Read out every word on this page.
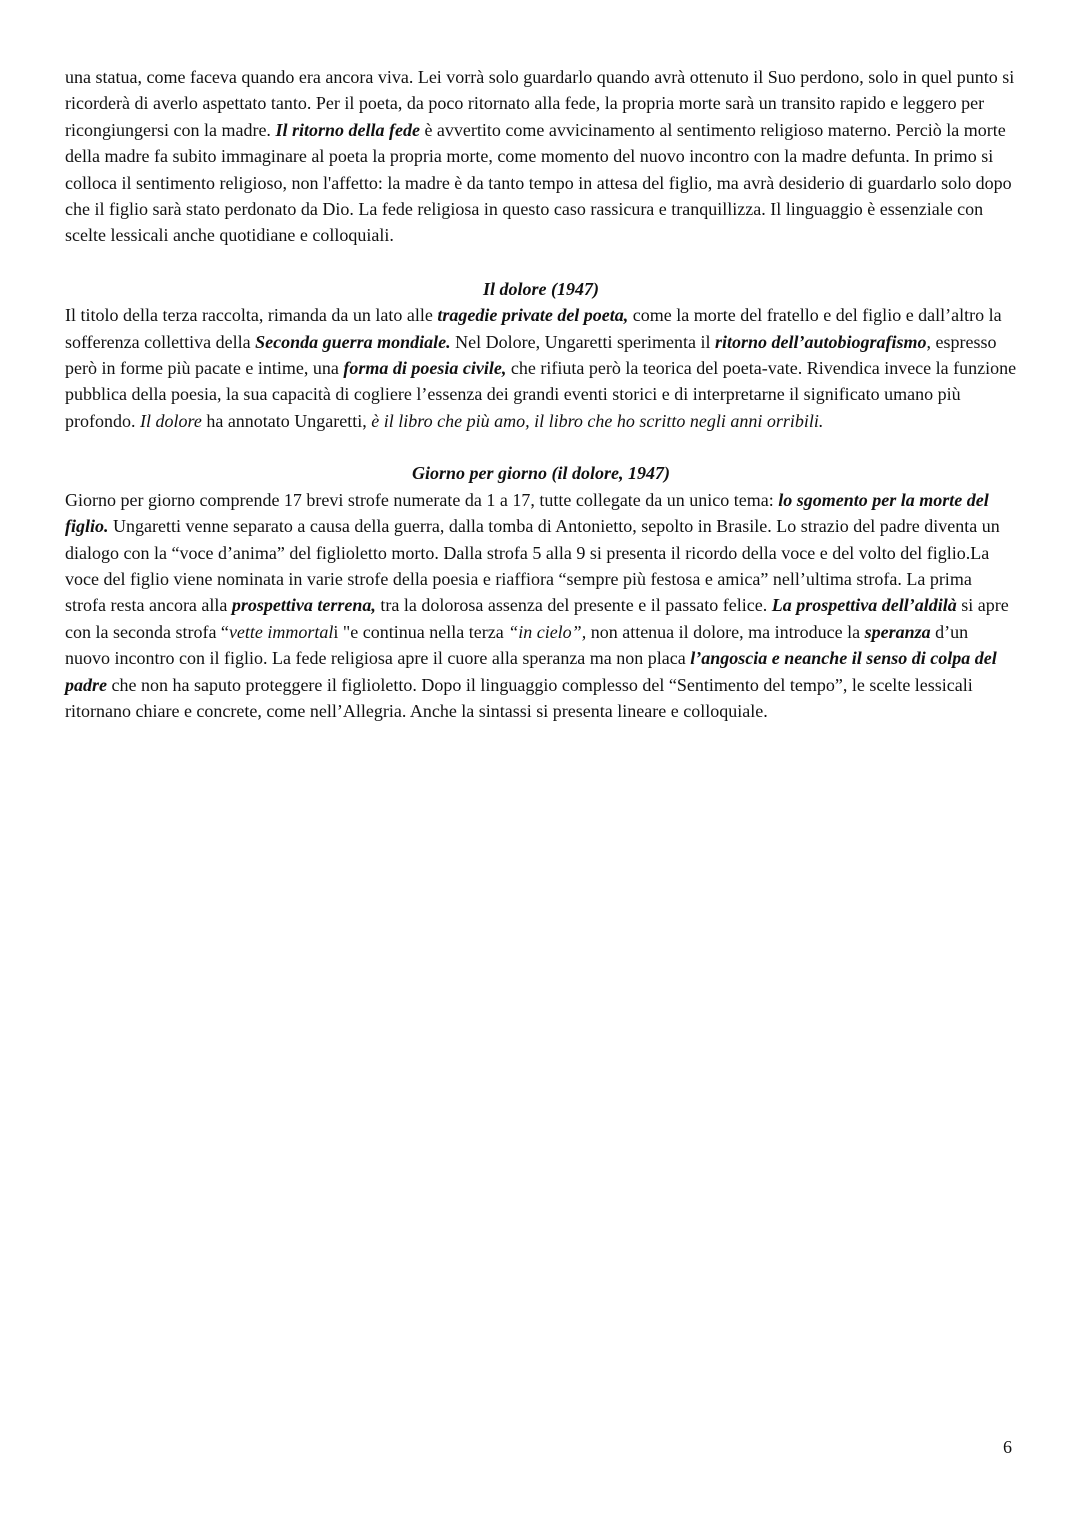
una statua, come faceva quando era ancora viva. Lei vorrà solo guardarlo quando avrà ottenuto il Suo perdono, solo in quel punto si ricorderà di averlo aspettato tanto. Per il poeta, da poco ritornato alla fede, la propria morte sarà un transito rapido e leggero per ricongiungersi con la madre. Il ritorno della fede è avvertito come avvicinamento al sentimento religioso materno. Perciò la morte della madre fa subito immaginare al poeta la propria morte, come momento del nuovo incontro con la madre defunta. In primo si colloca il sentimento religioso, non l'affetto: la madre è da tanto tempo in attesa del figlio, ma avrà desiderio di guardarlo solo dopo che il figlio sarà stato perdonato da Dio. La fede religiosa in questo caso rassicura e tranquillizza. Il linguaggio è essenziale con scelte lessicali anche quotidiane e colloquiali.

Il dolore (1947)

Il titolo della terza raccolta, rimanda da un lato alle tragedie private del poeta, come la morte del fratello e del figlio e dall’altro la sofferenza collettiva della Seconda guerra mondiale. Nel Dolore, Ungaretti sperimenta il ritorno dell’autobiografismo, espresso però in forme più pacate e intime, una forma di poesia civile, che rifiuta però la teorica del poeta-vate. Rivendica invece la funzione pubblica della poesia, la sua capacità di cogliere l’essenza dei grandi eventi storici e di interpretarne il significato umano più profondo. Il dolore ha annotato Ungaretti, è il libro che più amo, il libro che ho scritto negli anni orribili.

Giorno per giorno (il dolore, 1947)

Giorno per giorno comprende 17 brevi strofe numerate da 1 a 17, tutte collegate da un unico tema: lo sgomento per la morte del figlio. Ungaretti venne separato a causa della guerra, dalla tomba di Antonietto, sepolto in Brasile. Lo strazio del padre diventa un dialogo con la “voce d’anima” del figlioletto morto. Dalla strofa 5 alla 9 si presenta il ricordo della voce e del volto del figlio.La voce del figlio viene nominata in varie strofe della poesia e riaffiora “sempre più festosa e amica” nell’ultima strofa. La prima strofa resta ancora alla prospettiva terrena, tra la dolorosa assenza del presente e il passato felice. La prospettiva dell’aldilà si apre con la seconda strofa “vette immortali "e continua nella terza “in cielo”, non attenua il dolore, ma introduce la speranza d’un nuovo incontro con il figlio. La fede religiosa apre il cuore alla speranza ma non placa l’angoscia e neanche il senso di colpa del padre che non ha saputo proteggere il figlioletto. Dopo il linguaggio complesso del “Sentimento del tempo”, le scelte lessicali ritornano chiare e concrete, come nell’Allegria. Anche la sintassi si presenta lineare e colloquiale.

6
